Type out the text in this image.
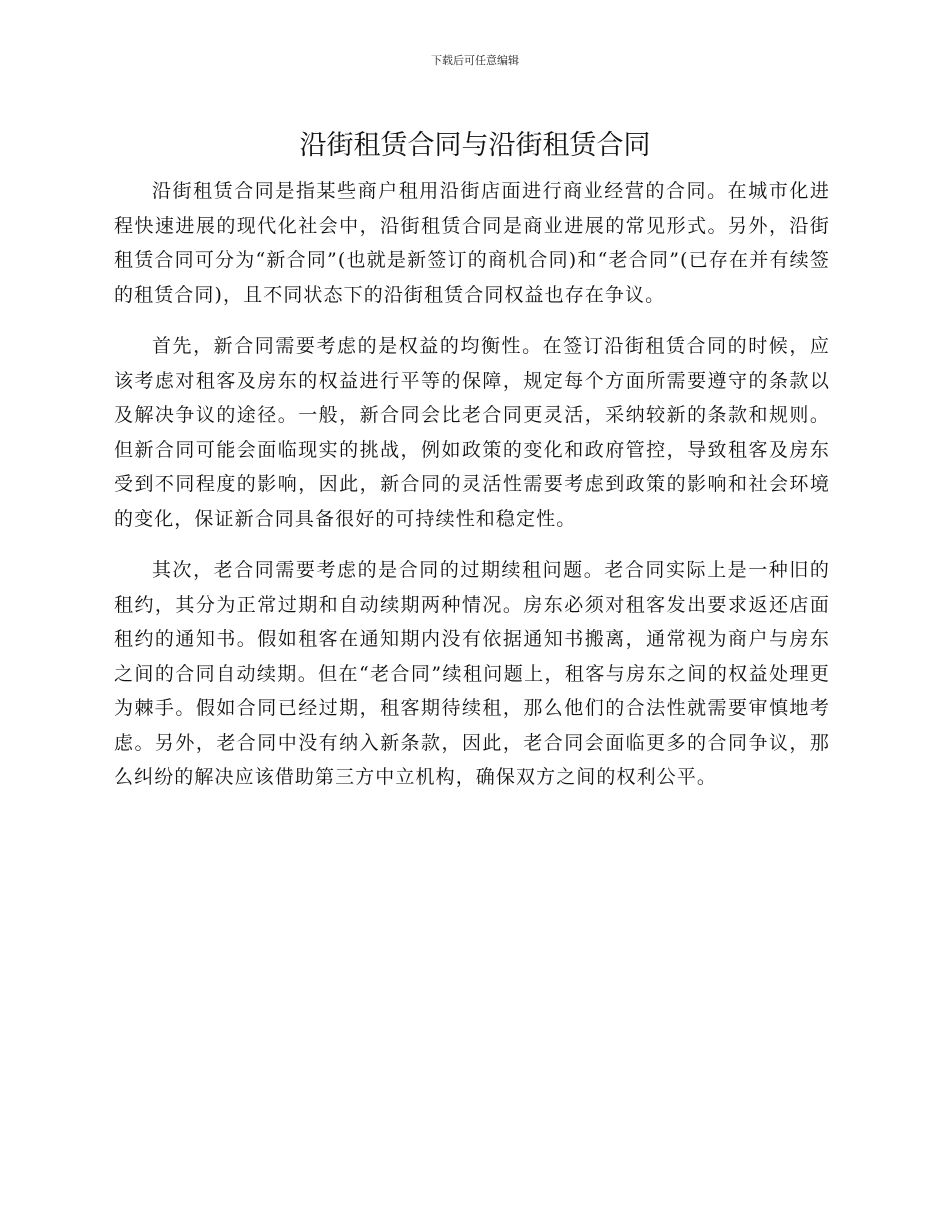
下载后可任意编辑
沿街租赁合同与沿街租赁合同

沿街租赁合同是指某些商户租用沿街店面进行商业经营的合同。在城市化进程快速进展的现代化社会中，沿街租赁合同是商业进展的常见形式。另外，沿街租赁合同可分为“新合同”(也就是新签订的商机合同)和“老合同”(已存在并有续签的租赁合同)，且不同状态下的沿街租赁合同权益也存在争议。

首先，新合同需要考虑的是权益的均衡性。在签订沿街租赁合同的时候，应该考虑对租客及房东的权益进行平等的保障，规定每个方面所需要遵守的条款以及解决争议的途径。一般，新合同会比老合同更灵活，采纳较新的条款和规则。但新合同可能会面临现实的挑战，例如政策的变化和政府管控，导致租客及房东受到不同程度的影响，因此，新合同的灵活性需要考虑到政策的影响和社会环境的变化，保证新合同具备很好的可持续性和稳定性。

其次，老合同需要考虑的是合同的过期续租问题。老合同实际上是一种旧的租约，其分为正常过期和自动续期两种情况。房东必须对租客发出要求返还店面租约的通知书。假如租客在通知期内没有依据通知书搬离，通常视为商户与房东之间的合同自动续期。但在“老合同”续租问题上，租客与房东之间的权益处理更为棘手。假如合同已经过期，租客期待续租，那么他们的合法性就需要审慎地考虑。另外，老合同中没有纳入新条款，因此，老合同会面临更多的合同争议，那么纠纷的解决应该借助第三方中立机构，确保双方之间的权利公平。
